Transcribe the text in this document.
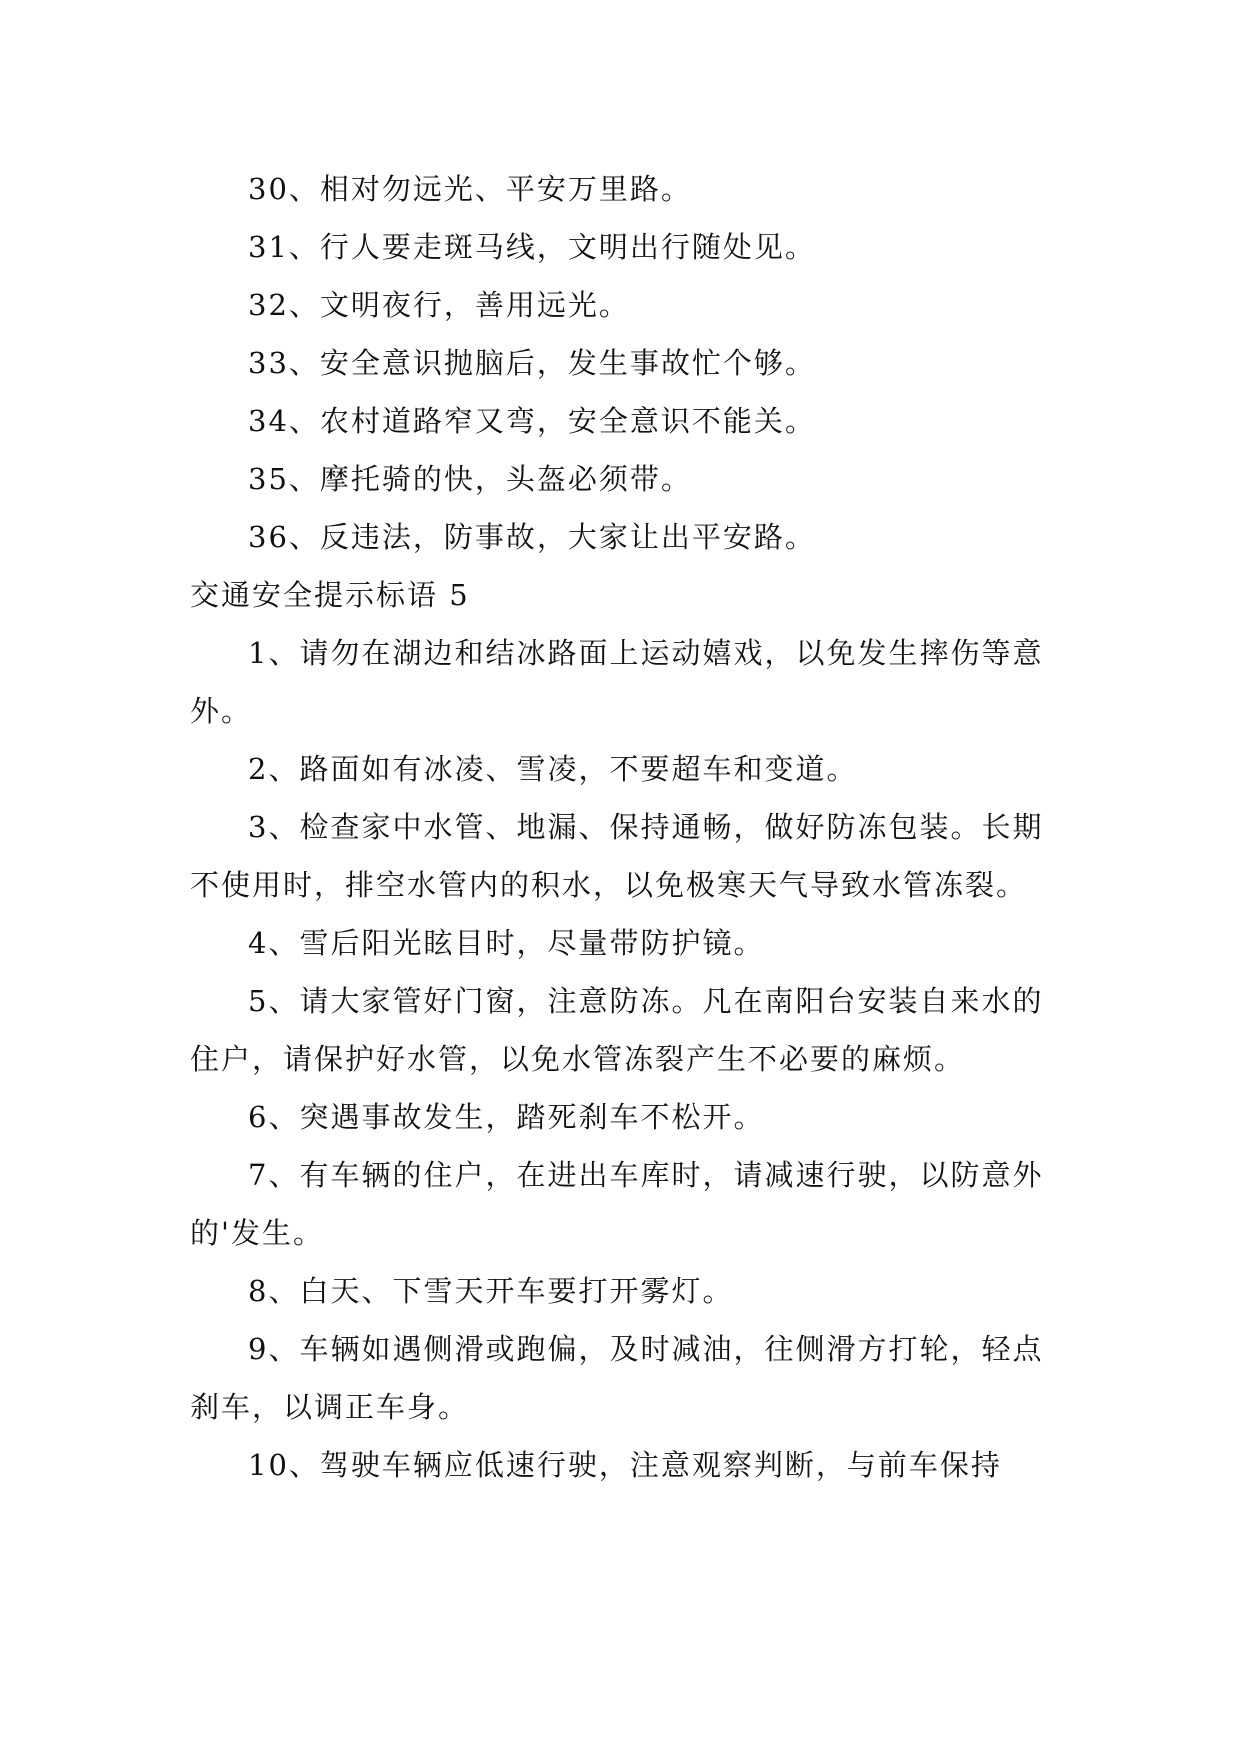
30、相对勿远光、平安万里路。

31、行人要走斑马线，文明出行随处见。

32、文明夜行，善用远光。

33、安全意识抛脑后，发生事故忙个够。

34、农村道路窄又弯，安全意识不能关。

35、摩托骑的快，头盔必须带。

36、反违法，防事故，大家让出平安路。

交通安全提示标语 5

1、请勿在湖边和结冰路面上运动嬉戏，以免发生摔伤等意外。

2、路面如有冰凌、雪凌，不要超车和变道。

3、检查家中水管、地漏、保持通畅，做好防冻包装。长期不使用时，排空水管内的积水，以免极寒天气导致水管冻裂。

4、雪后阳光眩目时，尽量带防护镜。

5、请大家管好门窗，注意防冻。凡在南阳台安装自来水的住户，请保护好水管，以免水管冻裂产生不必要的麻烦。

6、突遇事故发生，踏死刹车不松开。

7、有车辆的住户，在进出车库时，请减速行驶，以防意外的'发生。

8、白天、下雪天开车要打开雾灯。

9、车辆如遇侧滑或跑偏，及时减油，往侧滑方打轮，轻点刹车，以调正车身。

10、驾驶车辆应低速行驶，注意观察判断，与前车保持
